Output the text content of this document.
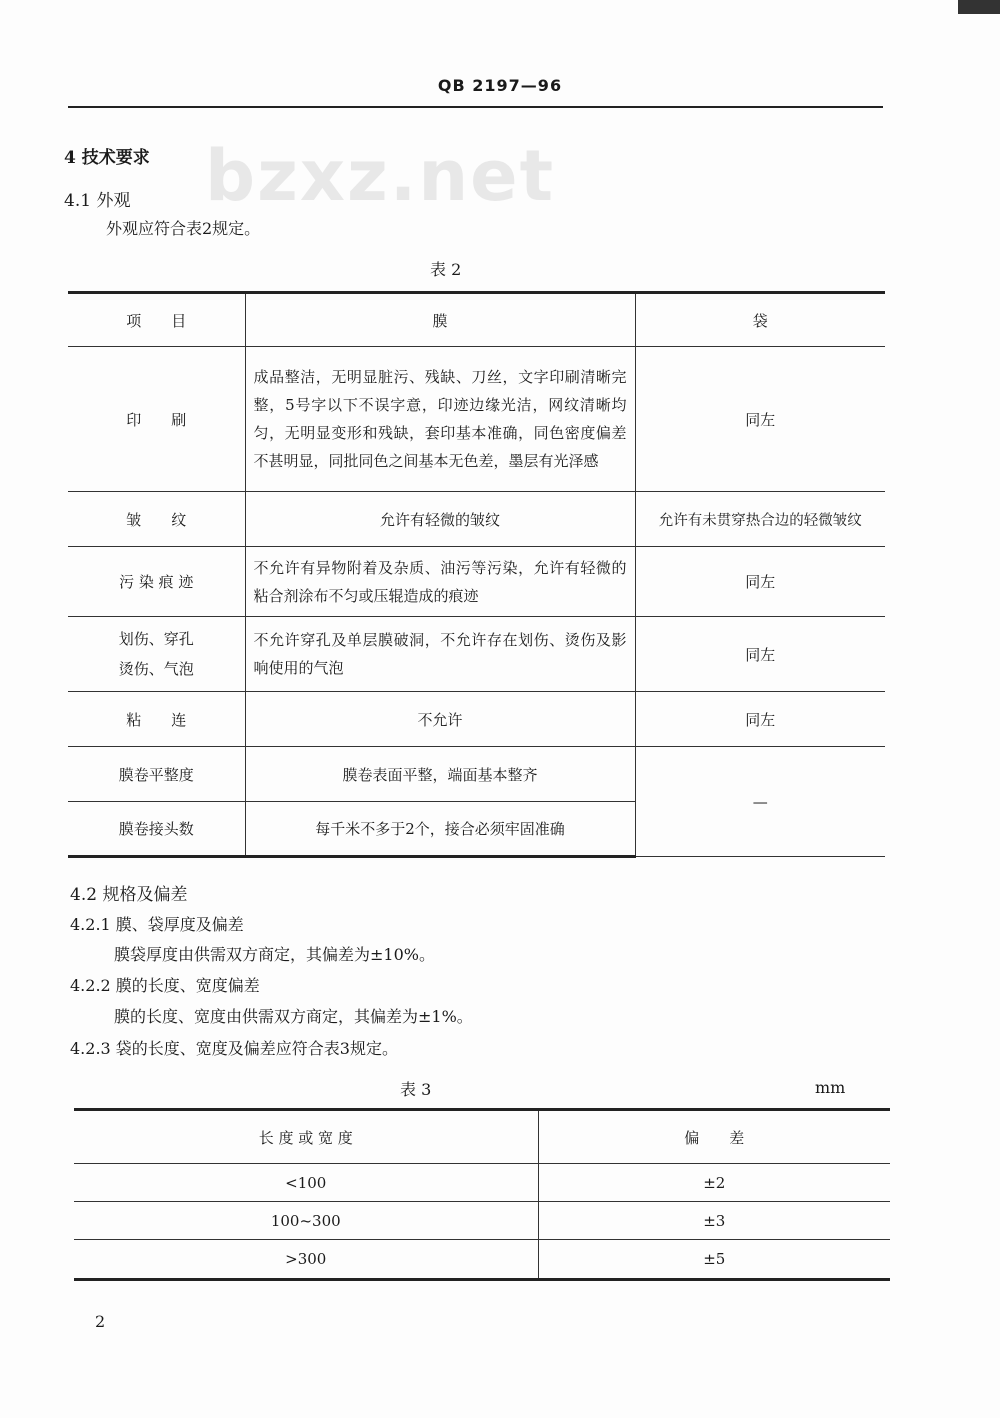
QB 2197—96
bzxz.net
4 技术要求
4.1 外观
外观应符合表2规定。
表 2
项　　目	膜	袋
印　　刷	成品整洁，无明显脏污、残缺、刀丝，文字印刷清晰完整，5号字以下不误字意，印迹边缘光洁，网纹清晰均匀，无明显变形和残缺，套印基本准确，同色密度偏差不甚明显，同批同色之间基本无色差，墨层有光泽感	同左
皱　　纹	允许有轻微的皱纹	允许有未贯穿热合边的轻微皱纹
污 染 痕 迹	不允许有异物附着及杂质、油污等污染，允许有轻微的粘合剂涂布不匀或压辊造成的痕迹	同左
划伤、穿孔
烫伤、气泡	不允许穿孔及单层膜破洞，不允许存在划伤、烫伤及影响使用的气泡	同左
粘　　连	不允许	同左
膜卷平整度	膜卷表面平整，端面基本整齐	—
膜卷接头数	每千米不多于2个，接合必须牢固准确
4.2 规格及偏差
4.2.1 膜、袋厚度及偏差
膜袋厚度由供需双方商定，其偏差为±10%。
4.2.2 膜的长度、宽度偏差
膜的长度、宽度由供需双方商定，其偏差为±1%。
4.2.3 袋的长度、宽度及偏差应符合表3规定。
表 3	mm
长 度 或 宽 度	偏　　差
<100	±2
100~300	±3
>300	±5
2
